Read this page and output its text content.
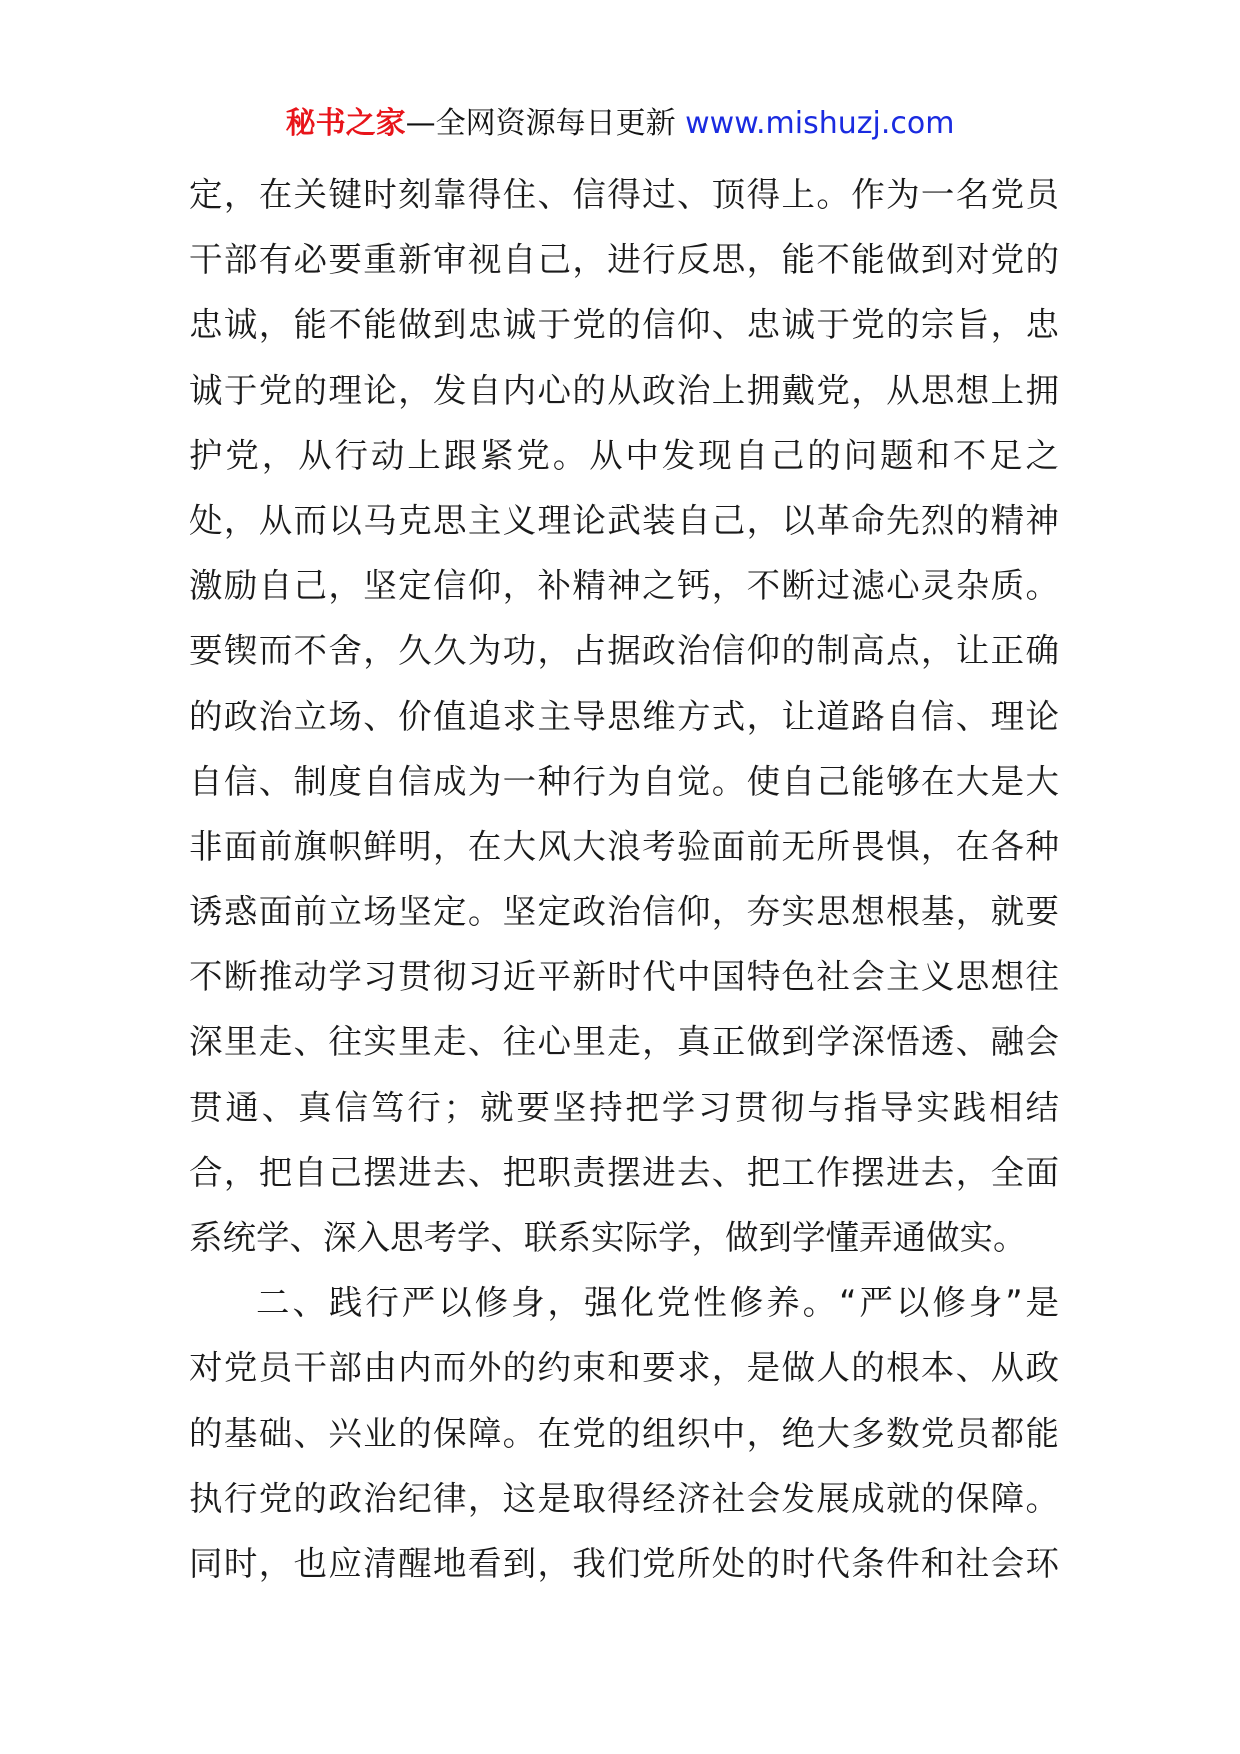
秘书之家—全网资源每日更新 www.mishuzj.com
定，在关键时刻靠得住、信得过、顶得上。作为一名党员
干部有必要重新审视自己，进行反思，能不能做到对党的
忠诚，能不能做到忠诚于党的信仰、忠诚于党的宗旨，忠
诚于党的理论，发自内心的从政治上拥戴党，从思想上拥
护党，从行动上跟紧党。从中发现自己的问题和不足之
处，从而以马克思主义理论武装自己，以革命先烈的精神
激励自己，坚定信仰，补精神之钙，不断过滤心灵杂质。
要锲而不舍，久久为功，占据政治信仰的制高点，让正确
的政治立场、价值追求主导思维方式，让道路自信、理论
自信、制度自信成为一种行为自觉。使自己能够在大是大
非面前旗帜鲜明，在大风大浪考验面前无所畏惧，在各种
诱惑面前立场坚定。坚定政治信仰，夯实思想根基，就要
不断推动学习贯彻习近平新时代中国特色社会主义思想往
深里走、往实里走、往心里走，真正做到学深悟透、融会
贯通、真信笃行；就要坚持把学习贯彻与指导实践相结
合，把自己摆进去、把职责摆进去、把工作摆进去，全面
系统学、深入思考学、联系实际学，做到学懂弄通做实。
二、践行严以修身，强化党性修养。“严以修身”是
对党员干部由内而外的约束和要求，是做人的根本、从政
的基础、兴业的保障。在党的组织中，绝大多数党员都能
执行党的政治纪律，这是取得经济社会发展成就的保障。
同时，也应清醒地看到，我们党所处的时代条件和社会环
